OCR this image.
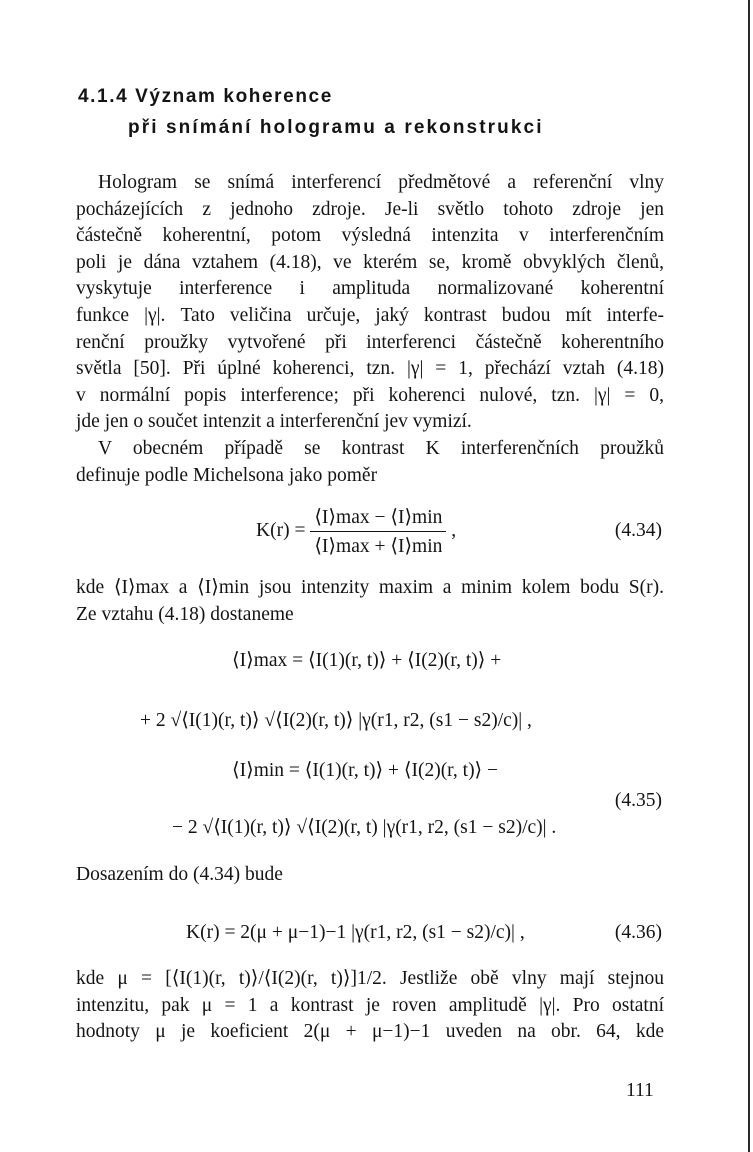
4.1.4 Význam koherence
při snímání hologramu a rekonstrukci

Hologram se snímá interferencí předmětové a referenční vlny

pocházejících z jednoho zdroje. Je-li světlo tohoto zdroje jen

částečně koherentní, potom výsledná intenzita v interferenčním

poli je dána vztahem (4.18), ve kterém se, kromě obvyklých členů,

vyskytuje interference i amplituda normalizované koherentní

funkce |γ|. Tato veličina určuje, jaký kontrast budou mít interfe-

renční proužky vytvořené při interferenci částečně koherentního

světla [50]. Při úplné koherenci, tzn. |γ| = 1, přechází vztah (4.18)

v normální popis interference; při koherenci nulové, tzn. |γ| = 0,

jde jen o součet intenzit a interferenční jev vymizí.

V obecném případě se kontrast K interferenčních proužků

definuje podle Michelsona jako poměr

$K(r) = \frac{⟨I⟩\max - ⟨I⟩\min}{⟨I⟩\max + ⟨I⟩\min}$ ,	(4.34)

kde ⟨I⟩max a ⟨I⟩min jsou intenzity maxim a minim kolem bodu S(r).

Ze vztahu (4.18) dostaneme

⟨I⟩max = ⟨I(1)(r, t)⟩ + ⟨I(2)(r, t)⟩ +
+ 2 √⟨I(1)(r, t)⟩ √⟨I(2)(r, t)⟩ |γ(r1, r2, (s1 − s2)/c)| ,
⟨I⟩min = ⟨I(1)(r, t)⟩ + ⟨I(2)(r, t)⟩ −
− 2 √⟨I(1)(r, t)⟩ √⟨I(2)(r, t) |γ(r1, r2, (s1 − s2)/c)| .
(4.35)

Dosazením do (4.34) bude

K(r) = 2(μ + μ−1)−1 |γ(r1, r2, (s1 − s2)/c)| ,	(4.36)

kde μ = [⟨I(1)(r, t)⟩/⟨I(2)(r, t)⟩]1/2. Jestliže obě vlny mají stejnou

intenzitu, pak μ = 1 a kontrast je roven amplitudě |γ|. Pro ostatní

hodnoty μ je koeficient 2(μ + μ−1)−1 uveden na obr. 64, kde

111
